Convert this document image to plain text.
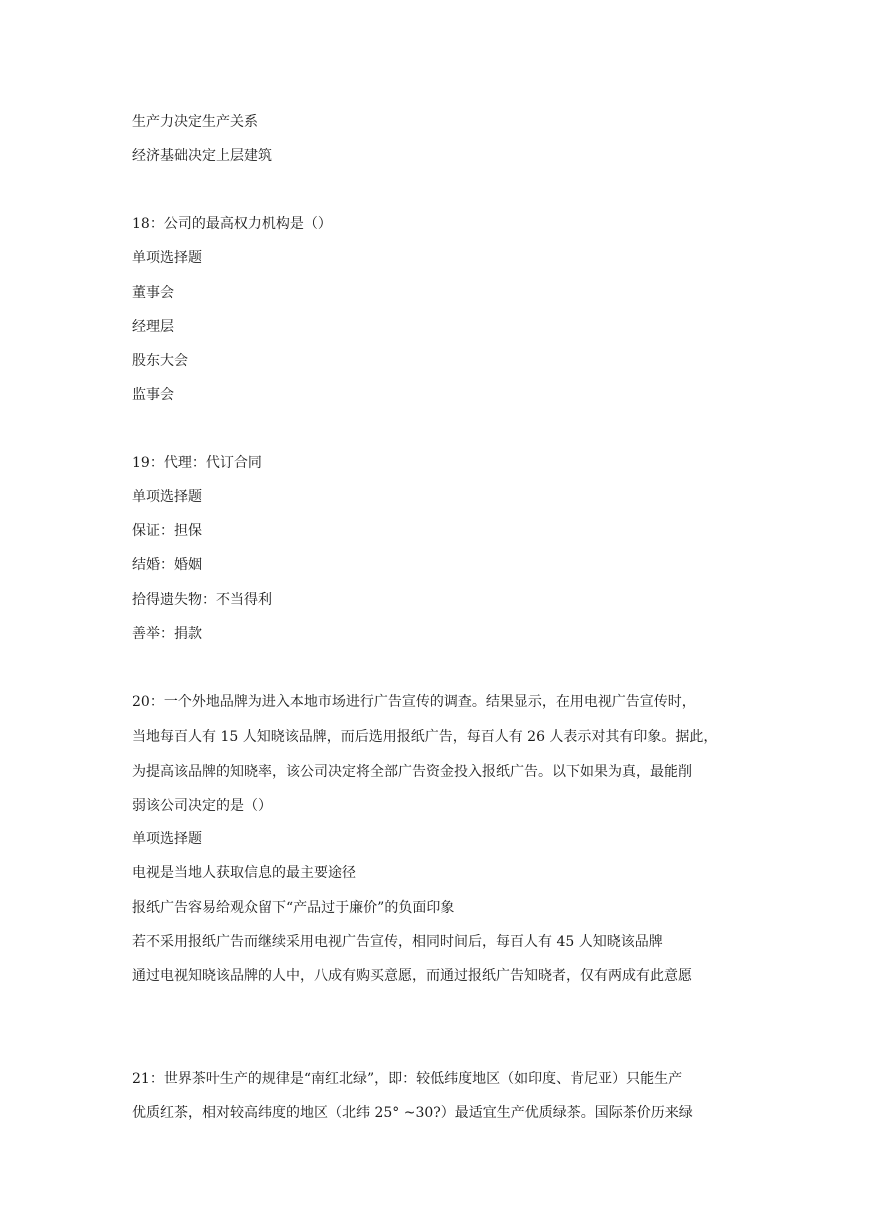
生产力决定生产关系
经济基础决定上层建筑
18：公司的最高权力机构是（）
单项选择题
董事会
经理层
股东大会
监事会
19：代理：代订合同
单项选择题
保证：担保
结婚：婚姻
拾得遗失物：不当得利
善举：捐款
20：一个外地品牌为进入本地市场进行广告宣传的调查。结果显示，在用电视广告宣传时，
当地每百人有 15 人知晓该品牌，而后选用报纸广告，每百人有 26 人表示对其有印象。据此，
为提高该品牌的知晓率，该公司决定将全部广告资金投入报纸广告。以下如果为真，最能削
弱该公司决定的是（）
单项选择题
电视是当地人获取信息的最主要途径
报纸广告容易给观众留下“产品过于廉价”的负面印象
若不采用报纸广告而继续采用电视广告宣传，相同时间后，每百人有 45 人知晓该品牌
通过电视知晓该品牌的人中，八成有购买意愿，而通过报纸广告知晓者，仅有两成有此意愿
21：世界茶叶生产的规律是“南红北绿”，即：较低纬度地区（如印度、肯尼亚）只能生产
优质红茶，相对较高纬度的地区（北纬 25° ~30?）最适宜生产优质绿茶。国际茶价历来绿
